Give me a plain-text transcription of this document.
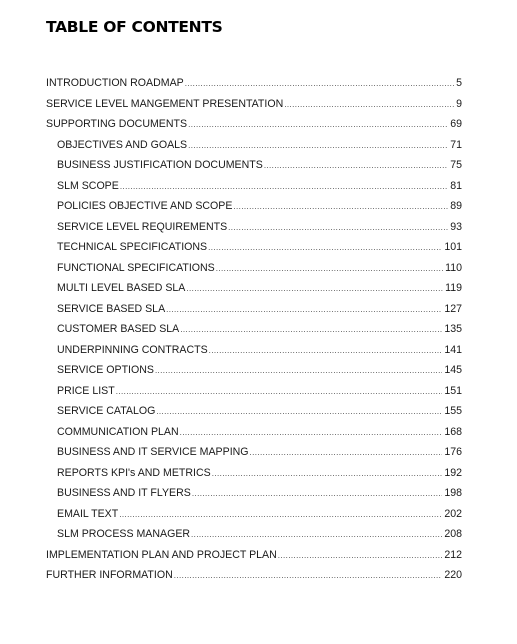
TABLE OF CONTENTS
INTRODUCTION ROADMAP .....	5
SERVICE LEVEL MANGEMENT PRESENTATION .....	9
SUPPORTING DOCUMENTS .....	69
OBJECTIVES AND GOALS .....	71
BUSINESS JUSTIFICATION DOCUMENTS .....	75
SLM SCOPE .....	81
POLICIES OBJECTIVE AND SCOPE .....	89
SERVICE LEVEL REQUIREMENTS .....	93
TECHNICAL SPECIFICATIONS .....	101
FUNCTIONAL SPECIFICATIONS .....	110
MULTI LEVEL BASED SLA .....	119
SERVICE BASED SLA .....	127
CUSTOMER BASED SLA .....	135
UNDERPINNING CONTRACTS .....	141
SERVICE OPTIONS .....	145
PRICE LIST .....	151
SERVICE CATALOG .....	155
COMMUNICATION PLAN .....	168
BUSINESS AND IT SERVICE MAPPING .....	176
REPORTS KPI's AND METRICS .....	192
BUSINESS AND IT FLYERS .....	198
EMAIL TEXT .....	202
SLM PROCESS MANAGER .....	208
IMPLEMENTATION PLAN AND PROJECT PLAN .....	212
FURTHER INFORMATION .....	220
